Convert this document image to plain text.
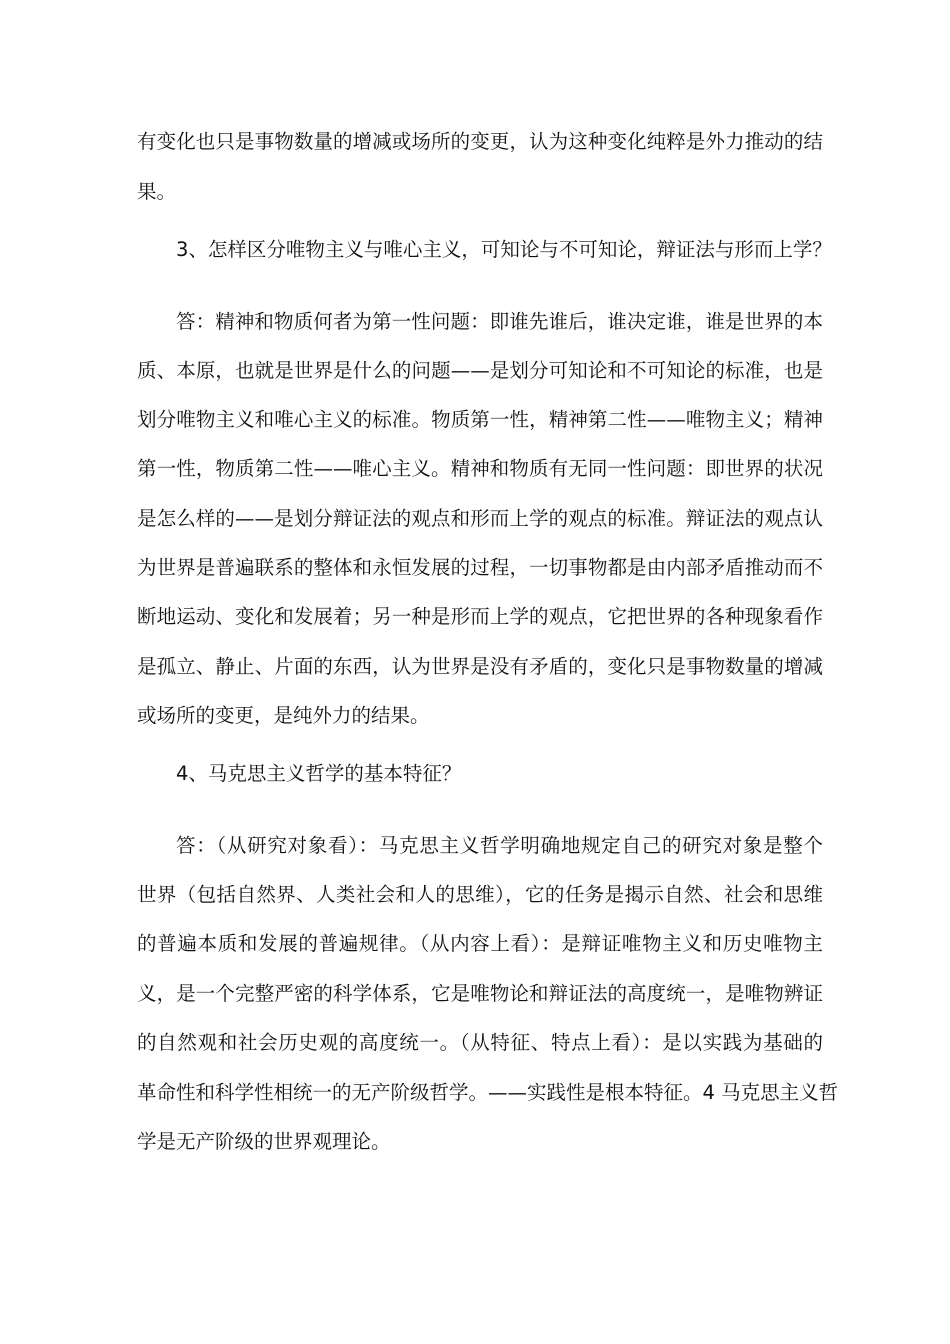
有变化也只是事物数量的增减或场所的变更，认为这种变化纯粹是外力推动的结

果。

3、怎样区分唯物主义与唯心主义，可知论与不可知论，辩证法与形而上学？

答：精神和物质何者为第一性问题：即谁先谁后，谁决定谁，谁是世界的本

质、本原，也就是世界是什么的问题——是划分可知论和不可知论的标准，也是

划分唯物主义和唯心主义的标准。物质第一性，精神第二性——唯物主义；精神

第一性，物质第二性——唯心主义。精神和物质有无同一性问题：即世界的状况

是怎么样的——是划分辩证法的观点和形而上学的观点的标准。辩证法的观点认

为世界是普遍联系的整体和永恒发展的过程，一切事物都是由内部矛盾推动而不

断地运动、变化和发展着；另一种是形而上学的观点，它把世界的各种现象看作

是孤立、静止、片面的东西，认为世界是没有矛盾的，变化只是事物数量的增减

或场所的变更，是纯外力的结果。

4、马克思主义哲学的基本特征？

答：（从研究对象看）：马克思主义哲学明确地规定自己的研究对象是整个

世界（包括自然界、人类社会和人的思维），它的任务是揭示自然、社会和思维

的普遍本质和发展的普遍规律。（从内容上看）：是辩证唯物主义和历史唯物主

义，是一个完整严密的科学体系，它是唯物论和辩证法的高度统一，是唯物辨证

的自然观和社会历史观的高度统一。（从特征、特点上看）：是以实践为基础的

革命性和科学性相统一的无产阶级哲学。——实践性是根本特征。4 马克思主义哲

学是无产阶级的世界观理论。
